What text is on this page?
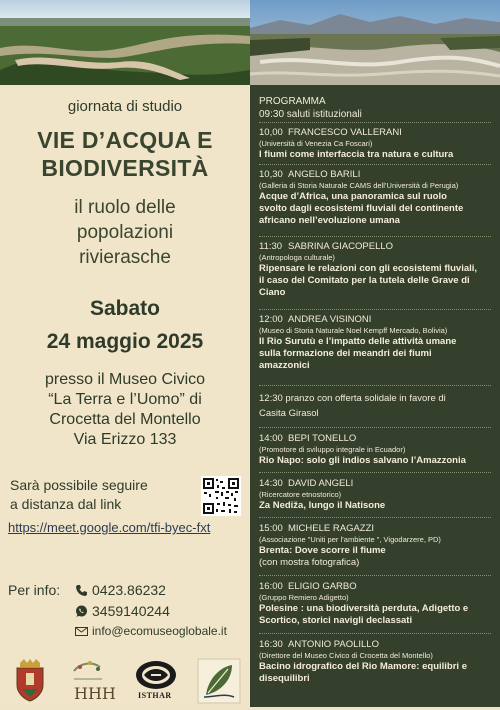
giornata di studio
VIE D’ACQUA E
BIODIVERSITÀ
il ruolo delle
popolazioni
rivierasche
Sabato
24 maggio 2025
presso il Museo Civico
“La Terra e l’Uomo” di
Crocetta del Montello
Via Erizzo 133
Sarà possibile seguire
a distanza dal link
https://meet.google.com/tfi-byec-fxt
Per info: 0423.86232
3459140244
info@ecomuseoglobale.it
HHH	ISTHAR
PROGRAMMA
09:30 saluti istituzionali
10,00 FRANCESCO VALLERANI
(Università di Venezia Ca Foscari)
I fiumi come interfaccia tra natura e cultura
10,30 ANGELO BARILI
(Galleria di Storia Naturale CAMS dell’Università di Perugia)
Acque d’Africa, una panoramica sul ruolo
svolto dagli ecosistemi fluviali del continente
africano nell’evoluzione umana
11:30 SABRINA GIACOPELLO
(Antropologa culturale)
Ripensare le relazioni con gli ecosistemi fluviali,
il caso del Comitato per la tutela delle Grave di
Ciano
12:00 ANDREA VISINONI
(Museo di Storia Naturale Noel Kempff Mercado, Bolivia)
Il Rio Surutù e l’impatto delle attività umane
sulla formazione dei meandri dei fiumi
amazzonici
12:30 pranzo con offerta solidale in favore di
Casita Girasol
14:00 BEPI TONELLO
(Promotore di sviluppo integrale in Ecuador)
Rio Napo: solo gli indios salvano l’Amazzonia
14:30 DAVID ANGELI
(Ricercatore etnostorico)
Za Nediža, lungo il Natisone
15:00 MICHELE RAGAZZI
(Associazione "Uniti per l’ambiente ", Vigodarzere, PD)
Brenta: Dove scorre il fiume
(con mostra fotografica)
16:00 ELIGIO GARBO
(Gruppo Remiero Adigetto)
Polesine : una biodiversità perduta, Adigetto e
Scortico, storici navigli declassati
16:30 ANTONIO PAOLILLO
(Direttore del Museo Civico di Crocetta del Montello)
Bacino idrografico del Rio Mamore: equilibri e
disequilibri
